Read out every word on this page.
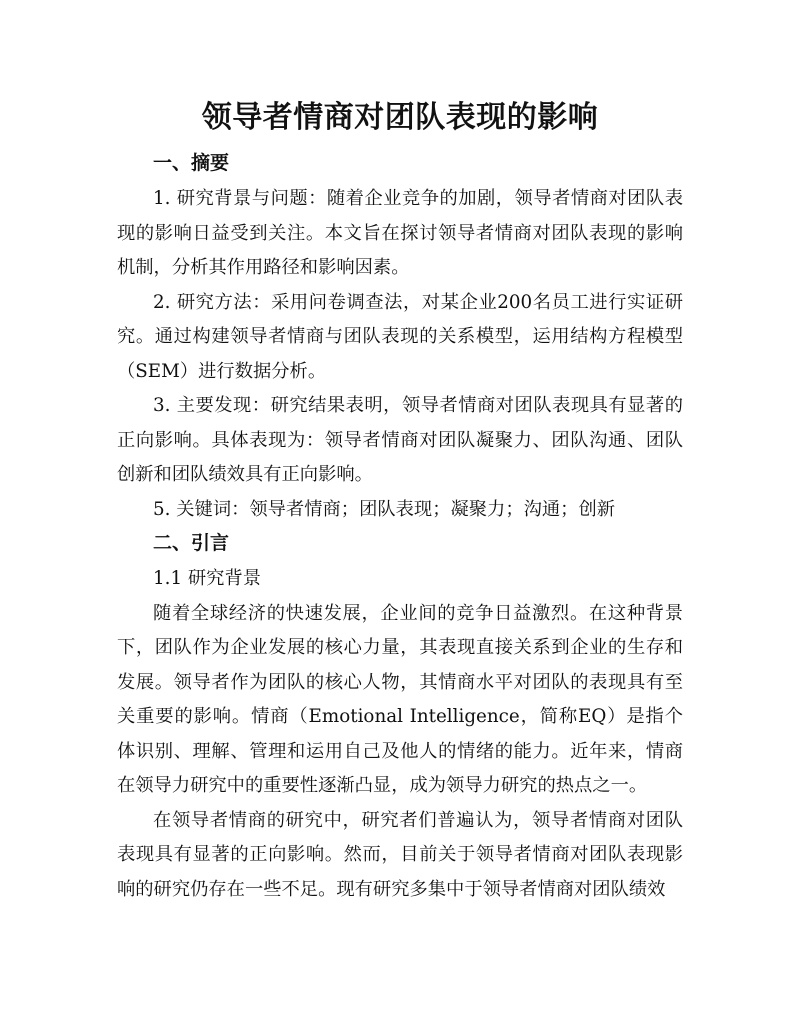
领导者情商对团队表现的影响
一、摘要
1. 研究背景与问题：随着企业竞争的加剧，领导者情商对团队表现的影响日益受到关注。本文旨在探讨领导者情商对团队表现的影响机制，分析其作用路径和影响因素。
2. 研究方法：采用问卷调查法，对某企业200名员工进行实证研究。通过构建领导者情商与团队表现的关系模型，运用结构方程模型（SEM）进行数据分析。
3. 主要发现：研究结果表明，领导者情商对团队表现具有显著的正向影响。具体表现为：领导者情商对团队凝聚力、团队沟通、团队创新和团队绩效具有正向影响。
5. 关键词：领导者情商；团队表现；凝聚力；沟通；创新
二、引言
1.1 研究背景
随着全球经济的快速发展，企业间的竞争日益激烈。在这种背景下，团队作为企业发展的核心力量，其表现直接关系到企业的生存和发展。领导者作为团队的核心人物，其情商水平对团队的表现具有至关重要的影响。情商（Emotional Intelligence，简称EQ）是指个体识别、理解、管理和运用自己及他人的情绪的能力。近年来，情商在领导力研究中的重要性逐渐凸显，成为领导力研究的热点之一。
在领导者情商的研究中，研究者们普遍认为，领导者情商对团队表现具有显著的正向影响。然而，目前关于领导者情商对团队表现影响的研究仍存在一些不足。现有研究多集中于领导者情商对团队绩效
